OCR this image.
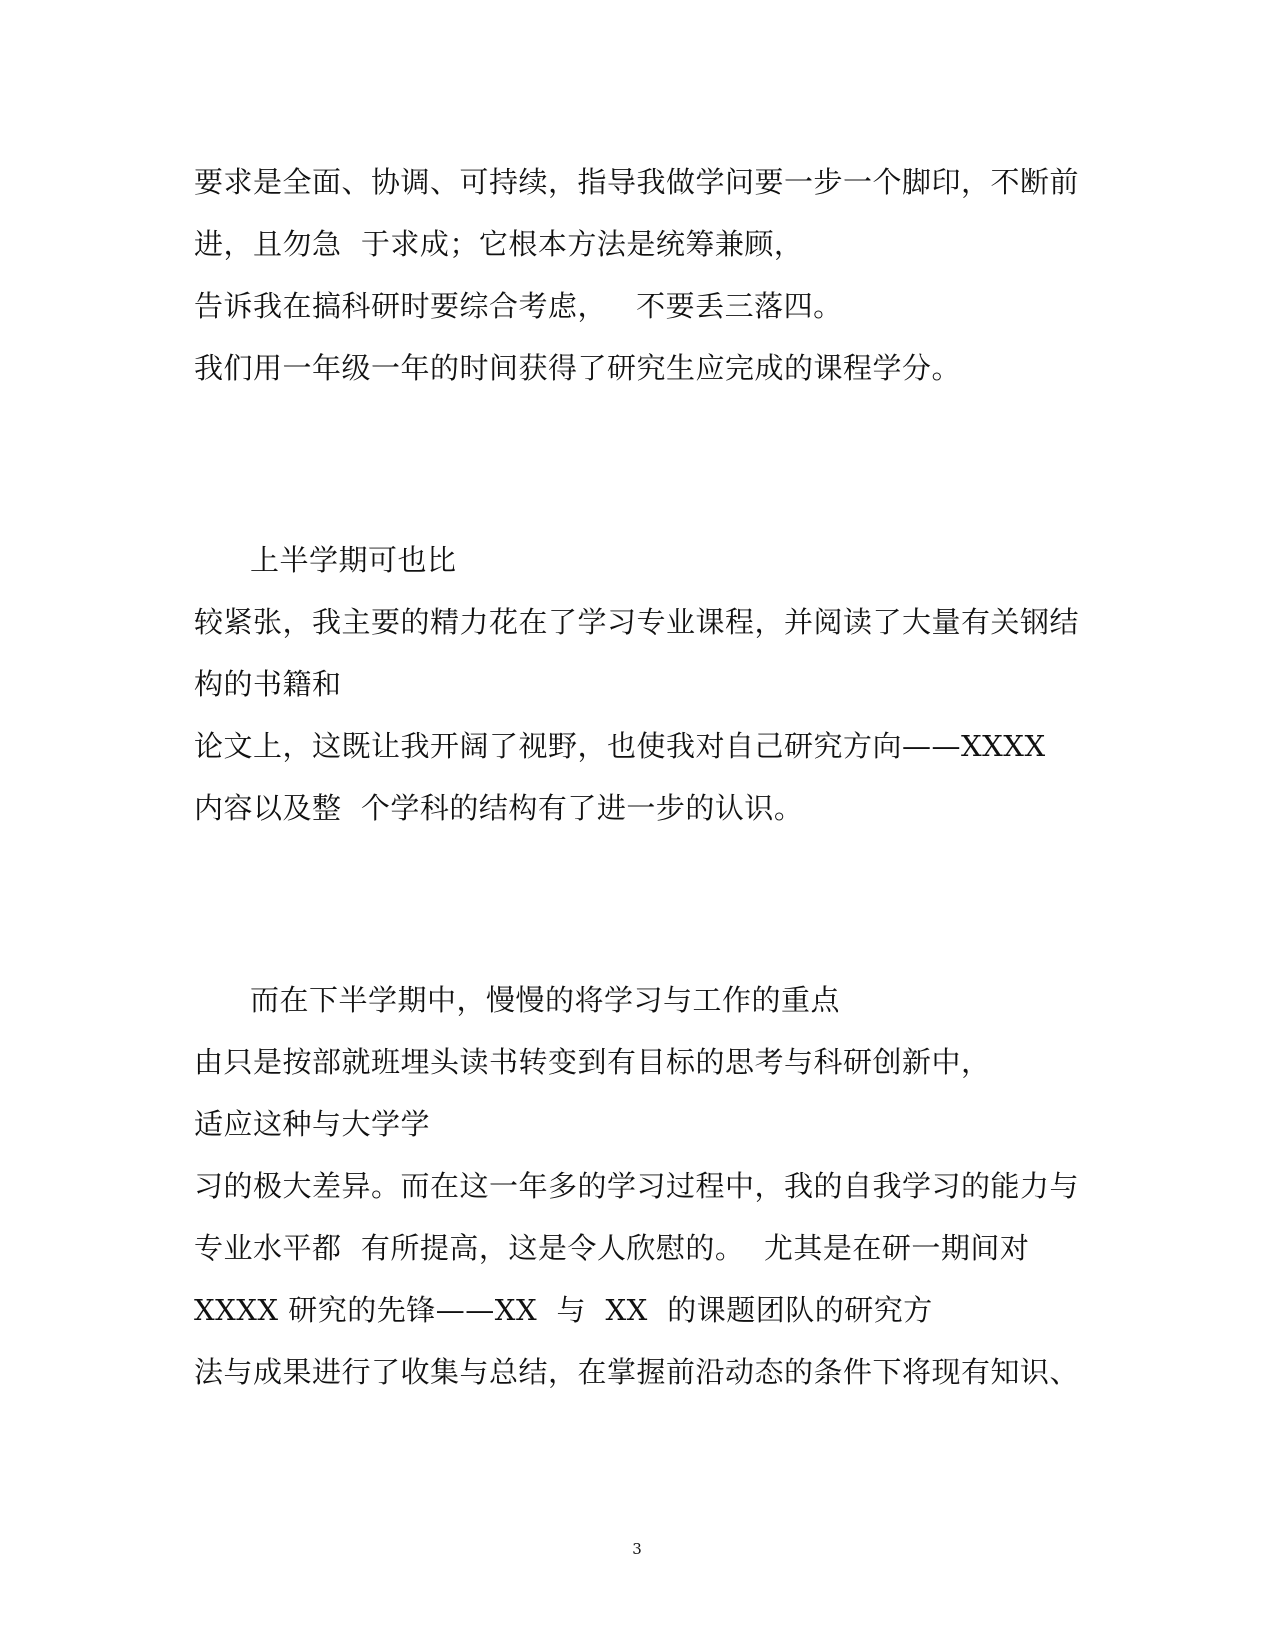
要求是全面、协调、可持续，指导我做学问要一步一个脚印，不断前
进，且勿急  于求成；它根本方法是统筹兼顾，
告诉我在搞科研时要综合考虑，   不要丢三落四。
我们用一年级一年的时间获得了研究生应完成的课程学分。
上半学期可也比
较紧张，我主要的精力花在了学习专业课程，并阅读了大量有关钢结
构的书籍和
论文上，这既让我开阔了视野，也使我对自己研究方向——XXXX
内容以及整  个学科的结构有了进一步的认识。
而在下半学期中，慢慢的将学习与工作的重点
由只是按部就班埋头读书转变到有目标的思考与科研创新中，
适应这种与大学学
习的极大差异。而在这一年多的学习过程中，我的自我学习的能力与
专业水平都  有所提高，这是令人欣慰的。  尤其是在研一期间对
XXXX 研究的先锋——XX  与  XX  的课题团队的研究方
法与成果进行了收集与总结，在掌握前沿动态的条件下将现有知识、
3
